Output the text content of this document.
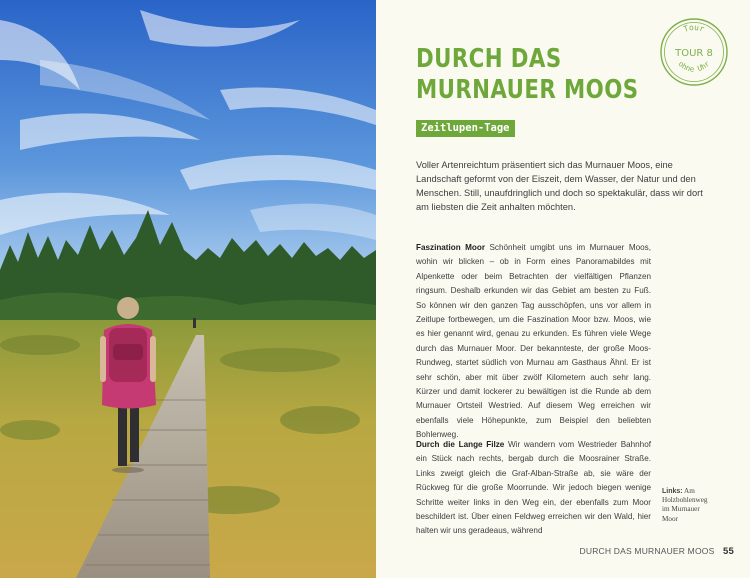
Tour
ohne Uhr
TOUR 8
DURCH DAS
MURNAUER MOOS
Zeitlupen-Tage

Voller Artenreichtum präsentiert sich das Murnauer Moos, eine Landschaft geformt von der Eiszeit, dem Wasser, der Natur und den Menschen. Still, unaufdringlich und doch so spektakulär, dass wir dort am liebsten die Zeit anhalten möchten.

Faszination Moor Schönheit umgibt uns im Murnauer Moos, wohin wir blicken – ob in Form eines Panoramabildes mit Alpenkette oder beim Betrachten der vielfältigen Pflanzen ringsum. Deshalb erkunden wir das Gebiet am besten zu Fuß. So können wir den ganzen Tag ausschöpfen, uns vor allem in Zeitlupe fortbewegen, um die Faszination Moor bzw. Moos, wie es hier genannt wird, genau zu erkunden. Es führen viele Wege durch das Murnauer Moor. Der bekannteste, der große Moos-Rundweg, startet südlich von Murnau am Gasthaus Ähnl. Er ist sehr schön, aber mit über zwölf Kilometern auch sehr lang. Kürzer und damit lockerer zu bewältigen ist die Runde ab dem Murnauer Ortsteil Westried. Auf diesem Weg erreichen wir ebenfalls viele Höhepunkte, zum Beispiel den beliebten Bohlenweg.

Durch die Lange Filze Wir wandern vom Westrieder Bahnhof ein Stück nach rechts, bergab durch die Moosrainer Straße. Links zweigt gleich die Graf-Alban-Straße ab, sie wäre der Rückweg für die große Moorrunde. Wir jedoch biegen wenige Schritte weiter links in den Weg ein, der ebenfalls zum Moor beschildert ist. Über einen Feldweg erreichen wir den Wald, hier halten wir uns geradeaus, während

Links: Am Holzbohlenweg im Murnauer Moor

DURCH DAS MURNAUER MOOS 55
